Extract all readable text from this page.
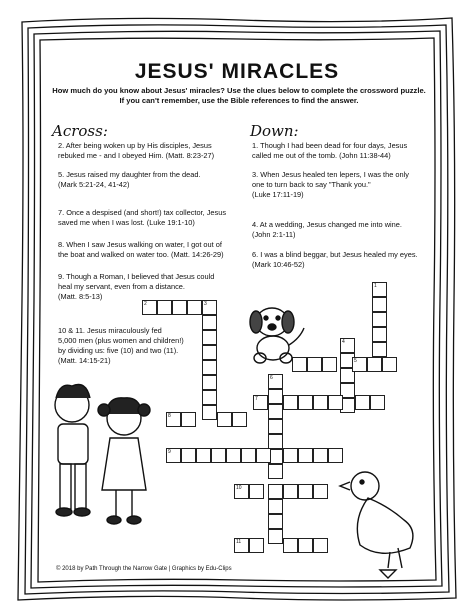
JESUS' MIRACLES
How much do you know about Jesus' miracles? Use the clues below to complete the crossword puzzle. If you can't remember, use the Bible references to find the answer.
Across:	Down:
2. After being woken up by His disciples, Jesus
rebuked me - and I obeyed Him. (Matt. 8:23-27)
5. Jesus raised my daughter from the dead.
(Mark 5:21-24, 41-42)
7. Once a despised (and short!) tax collector, Jesus
saved me when I was lost. (Luke 19:1-10)
8. When I saw Jesus walking on water, I got out of
the boat and walked on water too. (Matt. 14:26-29)
9. Though a Roman, I believed that Jesus could
heal my servant, even from a distance.
(Matt. 8:5-13)
10 & 11. Jesus miraculously fed
5,000 men (plus women and children!)
by dividing us: five (10) and two (11).
(Matt. 14:15-21)
1. Though I had been dead for four days, Jesus
called me out of the tomb. (John 11:38-44)
3. When Jesus healed ten lepers, I was the only
one to turn back to say "Thank you."
(Luke 17:11-19)
4. At a wedding, Jesus changed me into wine.
(John 2:1-11)
6. I was a blind beggar, but Jesus healed my eyes.
(Mark 10:46-52)
2	3
1
4
5
6
7
8
9
10
11
© 2018 by Path Through the Narrow Gate | Graphics by Edu-Clips
